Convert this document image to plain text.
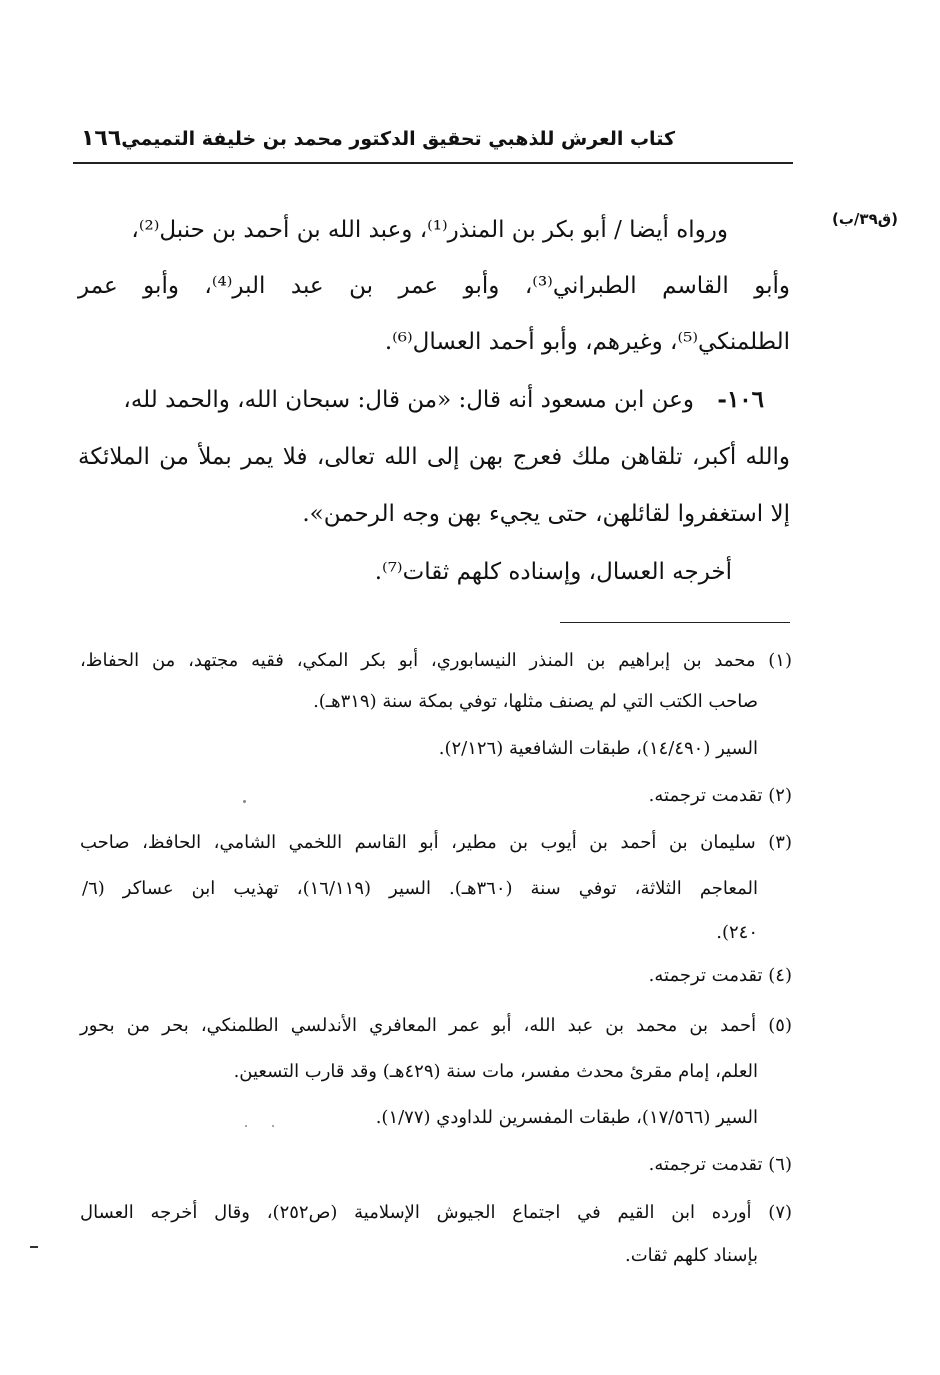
كتاب العرش للذهبي تحقيق الدكتور محمد بن خليفة التميمي
١٦٦
(ق٣٩/ب)
ورواه أيضا / أبو بكر بن المنذر⁽¹⁾، وعبد الله بن أحمد بن حنبل⁽²⁾،
وأبو القاسم الطبراني⁽³⁾، وأبو عمر بن عبد البر⁽⁴⁾، وأبو عمر
الطلمنكي⁽⁵⁾، وغيرهم، وأبو أحمد العسال⁽⁶⁾.
١٠٦-
وعن ابن مسعود أنه قال: «من قال: سبحان الله، والحمد لله،
والله أكبر، تلقاهن ملك فعرج بهن إلى الله تعالى، فلا يمر بملأ من الملائكة
إلا استغفروا لقائلهن، حتى يجيء بهن وجه الرحمن».
أخرجه العسال، وإسناده كلهم ثقات⁽⁷⁾.
(١) محمد بن إبراهيم بن المنذر النيسابوري، أبو بكر المكي، فقيه مجتهد، من الحفاظ،
صاحب الكتب التي لم يصنف مثلها، توفي بمكة سنة (٣١٩هـ).
السير (١٤/٤٩٠)، طبقات الشافعية (٢/١٢٦).
(٢) تقدمت ترجمته.
(٣) سليمان بن أحمد بن أيوب بن مطير، أبو القاسم اللخمي الشامي، الحافظ، صاحب
المعاجم الثلاثة، توفي سنة (٣٦٠هـ). السير (١٦/١١٩)، تهذيب ابن عساكر (٦/
٢٤٠).
(٤) تقدمت ترجمته.
(٥) أحمد بن محمد بن عبد الله، أبو عمر المعافري الأندلسي الطلمنكي، بحر من بحور
العلم، إمام مقرئ محدث مفسر، مات سنة (٤٢٩هـ) وقد قارب التسعين.
السير (١٧/٥٦٦)، طبقات المفسرين للداودي (١/٧٧).
(٦) تقدمت ترجمته.
(٧) أورده ابن القيم في اجتماع الجيوش الإسلامية (ص٢٥٢)، وقال أخرجه العسال
بإسناد كلهم ثقات.
